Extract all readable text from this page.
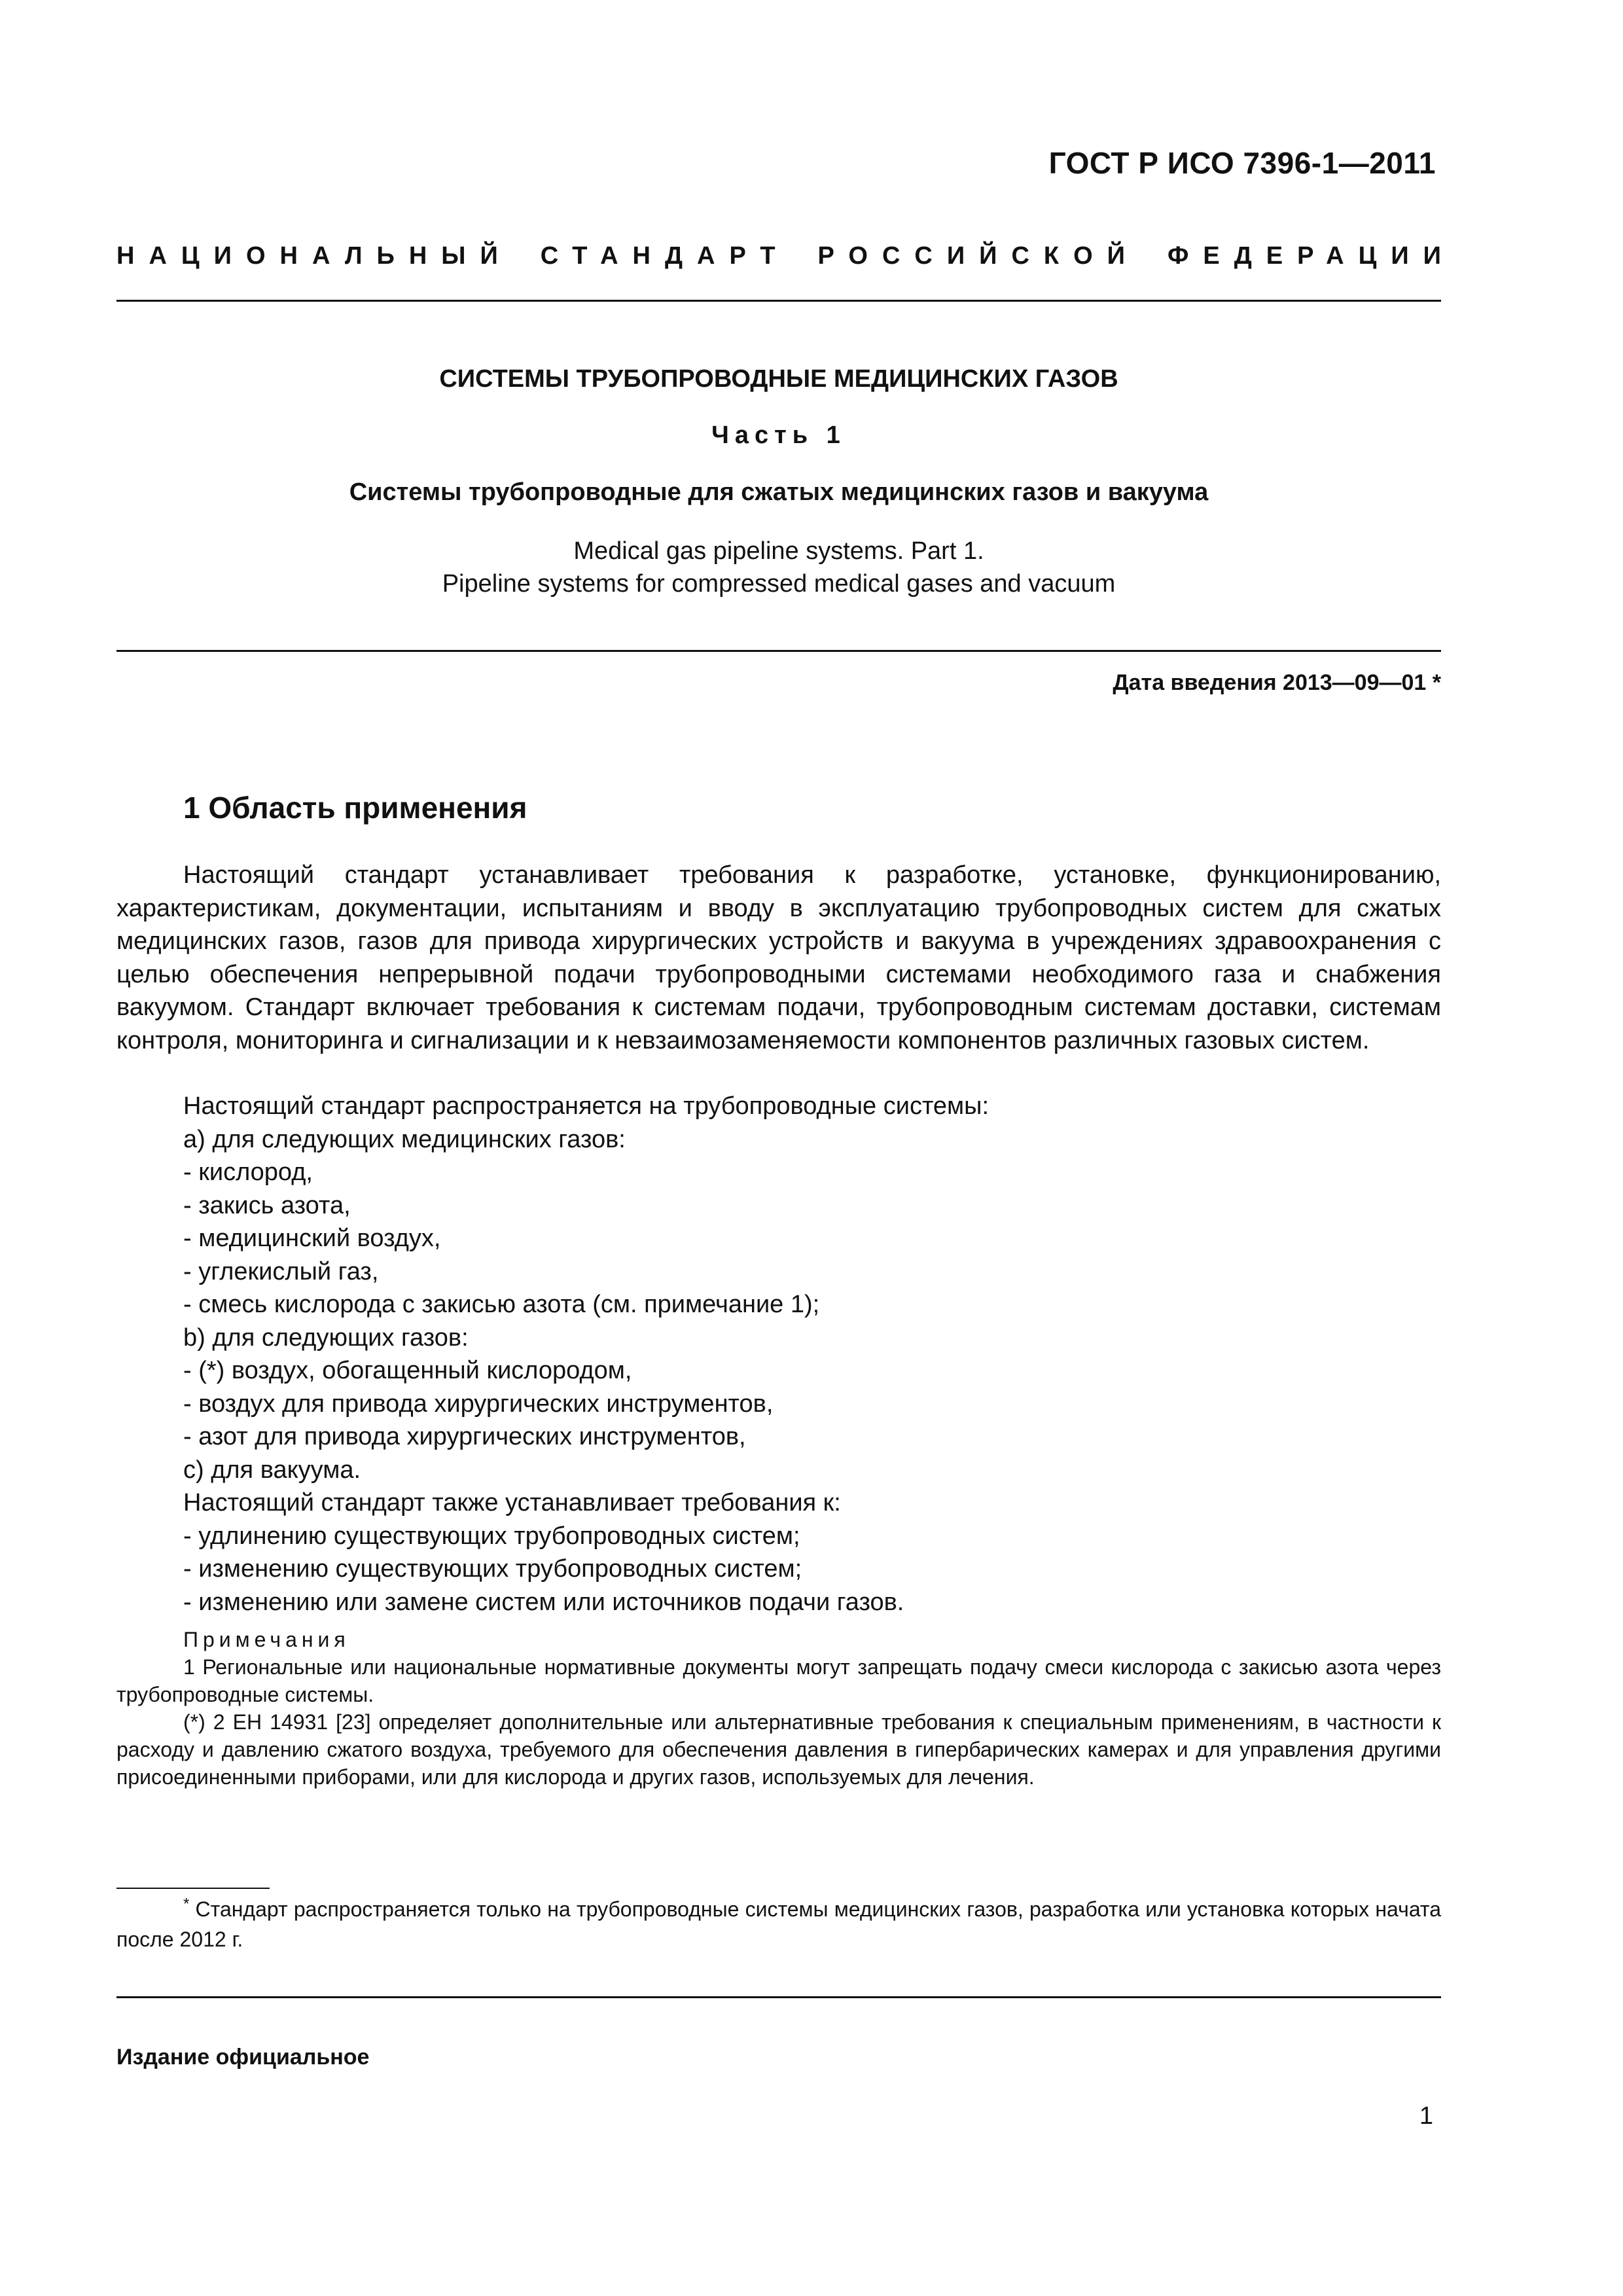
ГОСТ Р ИСО 7396-1—2011
НАЦИОНАЛЬНЫЙ СТАНДАРТ РОССИЙСКОЙ ФЕДЕРАЦИИ
СИСТЕМЫ ТРУБОПРОВОДНЫЕ МЕДИЦИНСКИХ ГАЗОВ
Часть 1
Системы трубопроводные для сжатых медицинских газов и вакуума
Medical gas pipeline systems. Part 1.
Pipeline systems for compressed medical gases and vacuum
Дата введения 2013—09—01 *
1 Область применения
Настоящий стандарт устанавливает требования к разработке, установке, функционированию, характеристикам, документации, испытаниям и вводу в эксплуатацию трубопроводных систем для сжатых медицинских газов, газов для привода хирургических устройств и вакуума в учреждениях здравоохранения с целью обеспечения непрерывной подачи трубопроводными системами необходимого газа и снабжения вакуумом. Стандарт включает требования к системам подачи, трубопроводным системам доставки, системам контроля, мониторинга и сигнализации и к невзаимозаменяемости компонентов различных газовых систем.
Настоящий стандарт распространяется на трубопроводные системы:
a) для следующих медицинских газов:
- кислород,
- закись азота,
- медицинский воздух,
- углекислый газ,
- смесь кислорода с закисью азота (см. примечание 1);
b) для следующих газов:
- (*) воздух, обогащенный кислородом,
- воздух для привода хирургических инструментов,
- азот для привода хирургических инструментов,
c) для вакуума.
Настоящий стандарт также устанавливает требования к:
- удлинению существующих трубопроводных систем;
- изменению существующих трубопроводных систем;
- изменению или замене систем или источников подачи газов.
Примечания
1 Региональные или национальные нормативные документы могут запрещать подачу смеси кислорода с закисью азота через трубопроводные системы.
(*) 2 ЕН 14931 [23] определяет дополнительные или альтернативные требования к специальным применениям, в частности к расходу и давлению сжатого воздуха, требуемого для обеспечения давления в гипербарических камерах и для управления другими присоединенными приборами, или для кислорода и других газов, используемых для лечения.
* Стандарт распространяется только на трубопроводные системы медицинских газов, разработка или установка которых начата после 2012 г.
Издание официальное
1
